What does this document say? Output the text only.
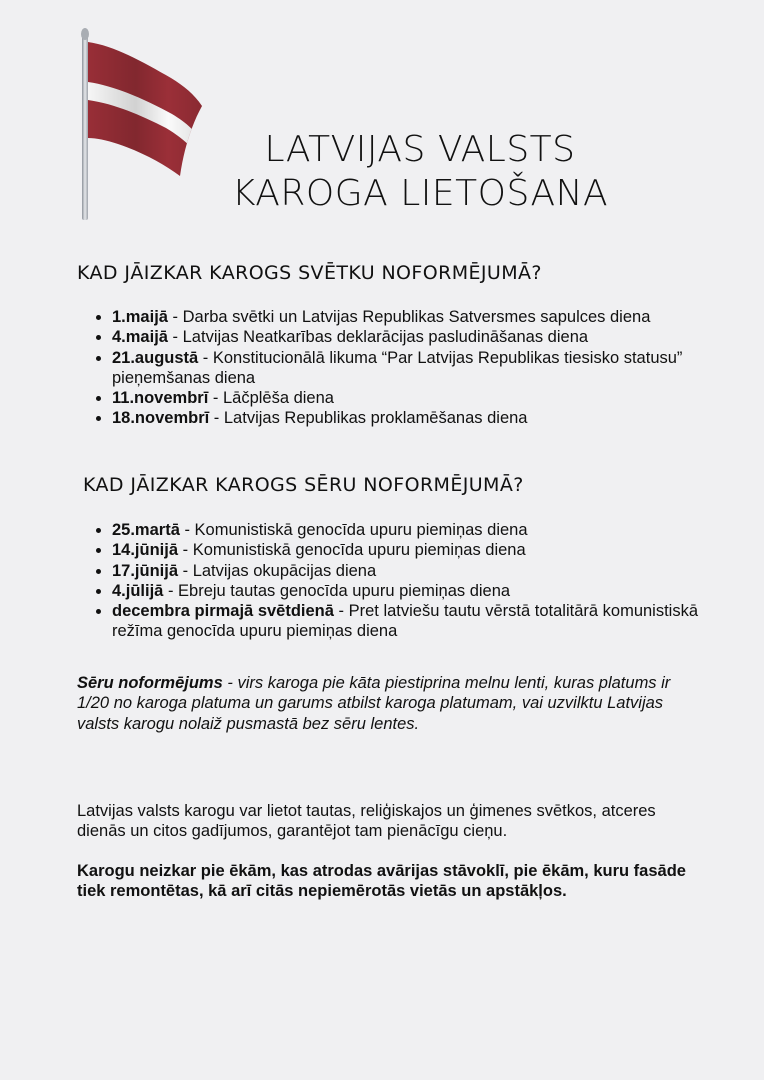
LATVIJAS VALSTS
KAROGA LIETOŠANA
KAD JĀIZKAR KAROGS SVĒTKU NOFORMĒJUMĀ?
• 1.maijā - Darba svētki un Latvijas Republikas Satversmes sapulces diena
• 4.maijā - Latvijas Neatkarības deklarācijas pasludināšanas diena
• 21.augustā - Konstitucionālā likuma “Par Latvijas Republikas tiesisko statusu” pieņemšanas diena
• 11.novembrī - Lāčplēša diena
• 18.novembrī - Latvijas Republikas proklamēšanas diena
KAD JĀIZKAR KAROGS SĒRU NOFORMĒJUMĀ?
• 25.martā - Komunistiskā genocīda upuru piemiņas diena
• 14.jūnijā - Komunistiskā genocīda upuru piemiņas diena
• 17.jūnijā - Latvijas okupācijas diena
• 4.jūlijā - Ebreju tautas genocīda upuru piemiņas diena
• decembra pirmajā svētdienā - Pret latviešu tautu vērstā totalitārā komunistiskā režīma genocīda upuru piemiņas diena
Sēru noformējums - virs karoga pie kāta piestiprina melnu lenti, kuras platums ir 1/20 no karoga platuma un garums atbilst karoga platumam, vai uzvilktu Latvijas valsts karogu nolaiž pusmastā bez sēru lentes.
Latvijas valsts karogu var lietot tautas, reliģiskajos un ģimenes svētkos, atceres dienās un citos gadījumos, garantējot tam pienācīgu cieņu.
Karogu neizkar pie ēkām, kas atrodas avārijas stāvoklī, pie ēkām, kuru fasāde tiek remontētas, kā arī citās nepiemērotās vietās un apstākļos.
